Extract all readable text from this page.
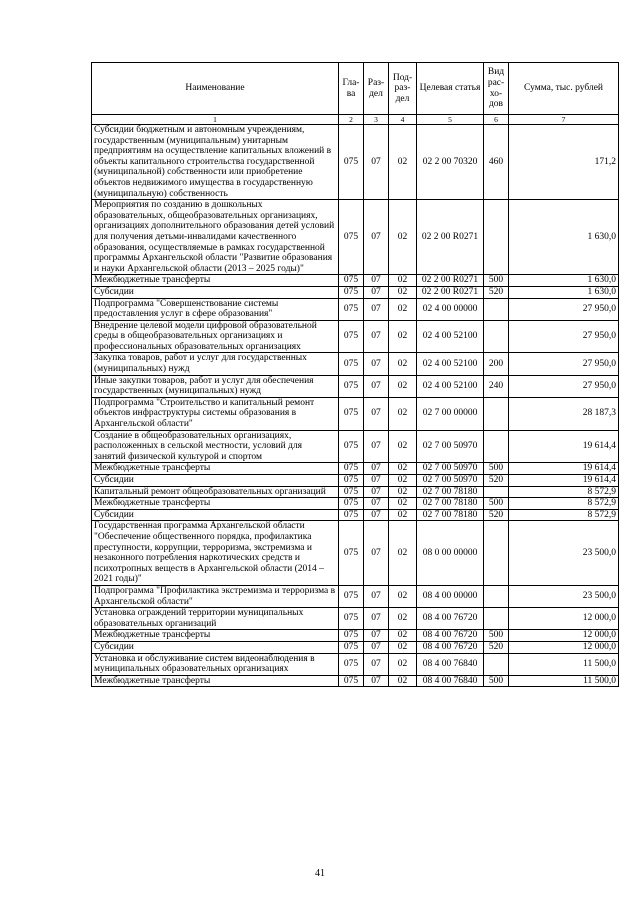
Наименование	Гла-ва	Раз-дел	Под-раз-дел	Целевая статья	Вид рас-хо-дов	Сумма, тыс. рублей
1	2	3	4	5	6	7
Субсидии бюджетным и автономным учреждениям, государственным (муниципальным) унитарным предприятиям на осуществление капитальных вложений в объекты капитального строительства государственной (муниципальной) собственности или приобретение объектов недвижимого имущества в государственную (муниципальную) собственность	075	07	02	02 2 00 70320	460	171,2
Мероприятия по созданию в дошкольных образовательных, общеобразовательных организациях, организациях дополнительного образования детей условий для получения детьми-инвалидами качественного образования, осуществляемые в рамках государственной программы Архангельской области "Развитие образования и науки Архангельской области (2013 – 2025 годы)"	075	07	02	02 2 00 R0271		1 630,0
Межбюджетные трансферты	075	07	02	02 2 00 R0271	500	1 630,0
Субсидии	075	07	02	02 2 00 R0271	520	1 630,0
Подпрограмма "Совершенствование системы предоставления услуг в сфере образования"	075	07	02	02 4 00 00000		27 950,0
Внедрение целевой модели цифровой образовательной среды в общеобразовательных организациях и профессиональных образовательных организациях	075	07	02	02 4 00 52100		27 950,0
Закупка товаров, работ и услуг для государственных (муниципальных) нужд	075	07	02	02 4 00 52100	200	27 950,0
Иные закупки товаров, работ и услуг для обеспечения государственных (муниципальных) нужд	075	07	02	02 4 00 52100	240	27 950,0
Подпрограмма "Строительство и капитальный ремонт объектов инфраструктуры системы образования в Архангельской области"	075	07	02	02 7 00 00000		28 187,3
Создание в общеобразовательных организациях, расположенных в сельской местности, условий для занятий физической культурой и спортом	075	07	02	02 7 00 50970		19 614,4
Межбюджетные трансферты	075	07	02	02 7 00 50970	500	19 614,4
Субсидии	075	07	02	02 7 00 50970	520	19 614,4
Капитальный ремонт общеобразовательных организаций	075	07	02	02 7 00 78180		8 572,9
Межбюджетные трансферты	075	07	02	02 7 00 78180	500	8 572,9
Субсидии	075	07	02	02 7 00 78180	520	8 572,9
Государственная программа Архангельской области "Обеспечение общественного порядка, профилактика преступности, коррупции, терроризма, экстремизма и незаконного потребления наркотических средств и психотропных веществ в Архангельской области (2014 – 2021 годы)"	075	07	02	08 0 00 00000		23 500,0
Подпрограмма "Профилактика экстремизма и терроризма в Архангельской области"	075	07	02	08 4 00 00000		23 500,0
Установка ограждений территории муниципальных образовательных организаций	075	07	02	08 4 00 76720		12 000,0
Межбюджетные трансферты	075	07	02	08 4 00 76720	500	12 000,0
Субсидии	075	07	02	08 4 00 76720	520	12 000,0
Установка и обслуживание систем видеонаблюдения в муниципальных образовательных организациях	075	07	02	08 4 00 76840		11 500,0
Межбюджетные трансферты	075	07	02	08 4 00 76840	500	11 500,0
41
